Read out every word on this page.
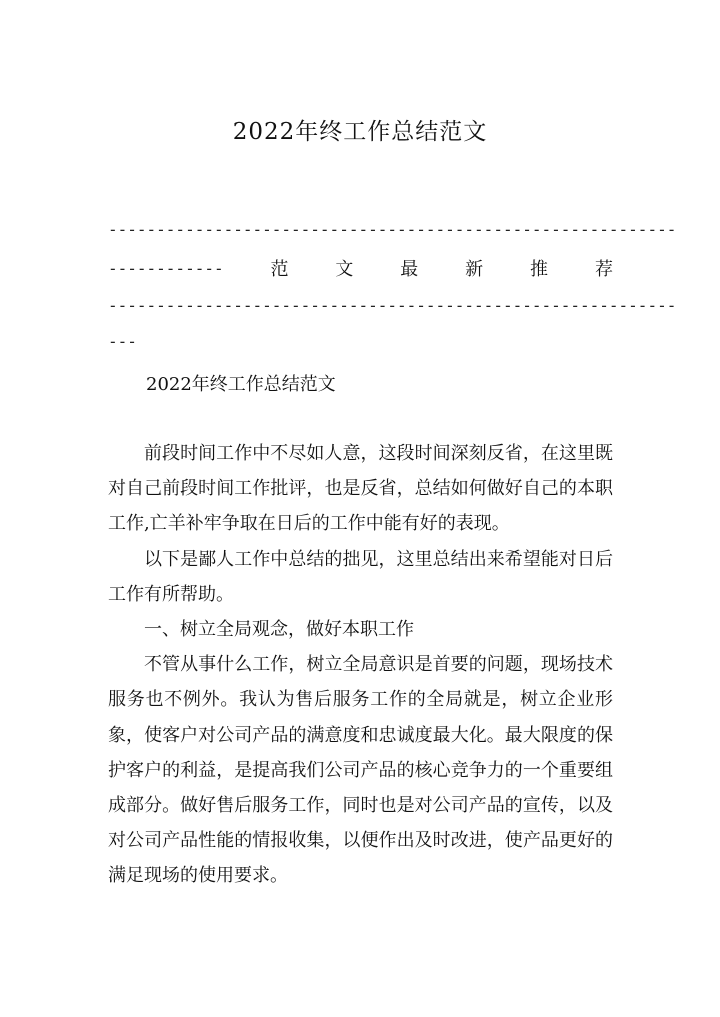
2022年终工作总结范文
-----------------------------------------------------------
------------	范	文	最	新	推	荐
-----------------------------------------------------------
---
2022年终工作总结范文

前段时间工作中不尽如人意，这段时间深刻反省，在这里既对自己前段时间工作批评，也是反省，总结如何做好自己的本职工作,亡羊补牢争取在日后的工作中能有好的表现。

以下是鄙人工作中总结的拙见，这里总结出来希望能对日后工作有所帮助。

一、树立全局观念，做好本职工作

不管从事什么工作，树立全局意识是首要的问题，现场技术服务也不例外。我认为售后服务工作的全局就是，树立企业形象，使客户对公司产品的满意度和忠诚度最大化。最大限度的保护客户的利益，是提高我们公司产品的核心竞争力的一个重要组成部分。做好售后服务工作，同时也是对公司产品的宣传，以及对公司产品性能的情报收集，以便作出及时改进，使产品更好的满足现场的使用要求。
